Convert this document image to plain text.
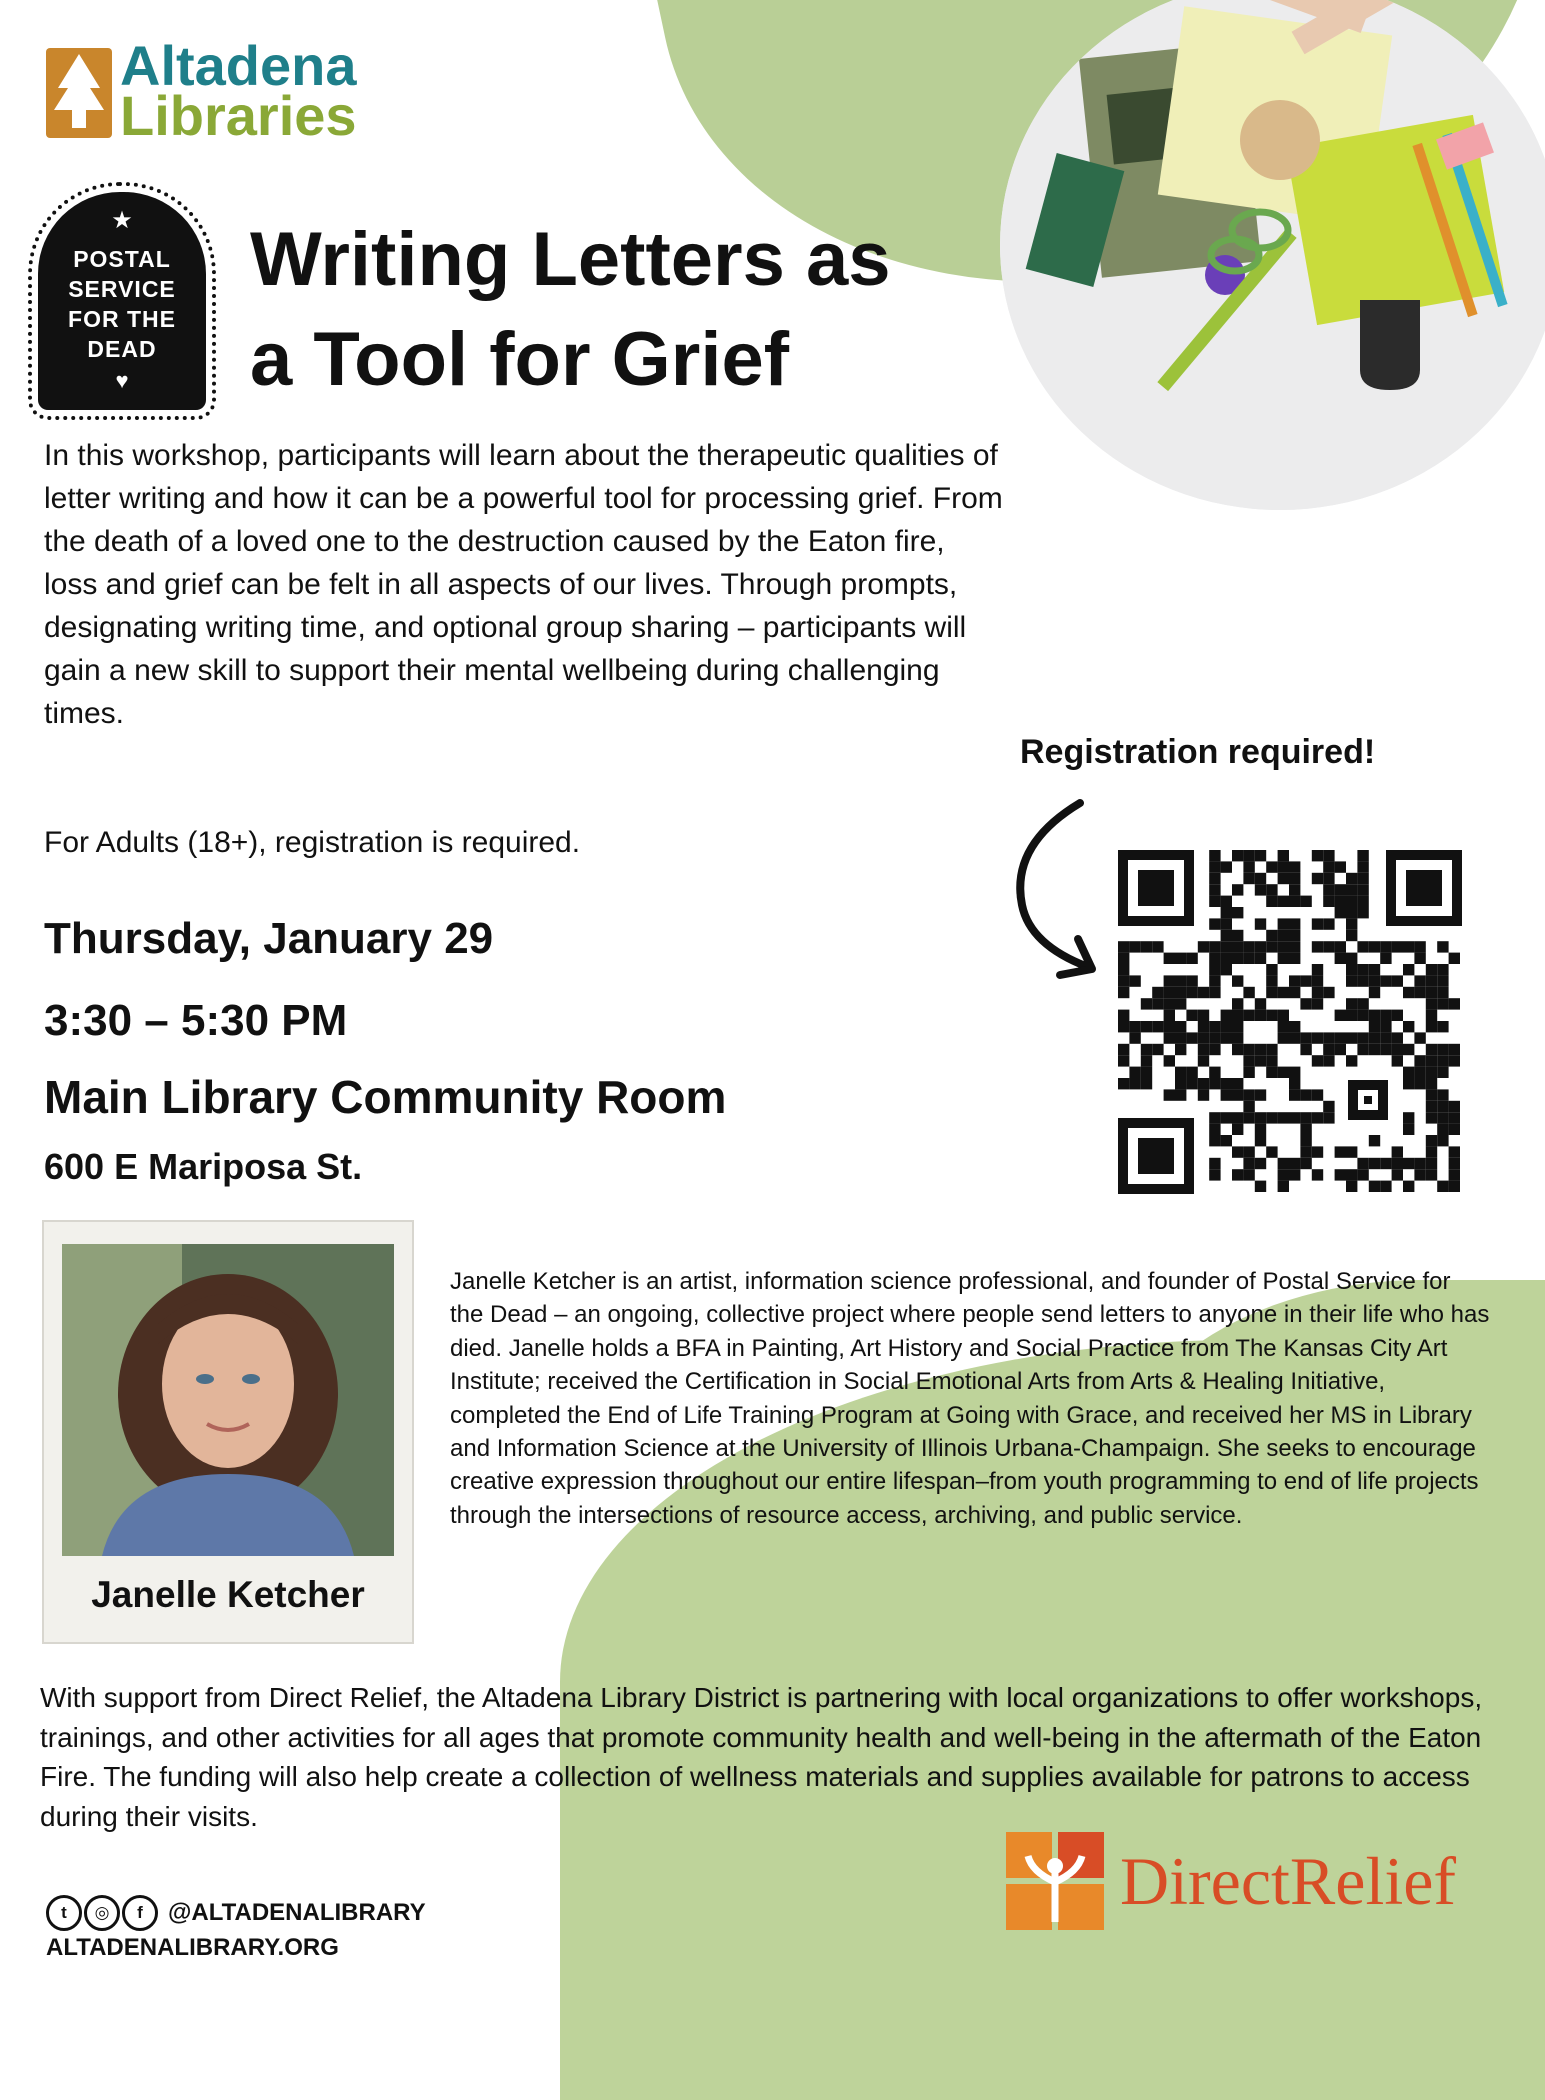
Altadena
Libraries
★
POSTAL
SERVICE
FOR THE
DEAD
♥
Writing Letters as
a Tool for Grief
In this workshop, participants will learn about the therapeutic qualities of letter writing and how it can be a powerful tool for processing grief. From the death of a loved one to the destruction caused by the Eaton fire, loss and grief can be felt in all aspects of our lives. Through prompts, designating writing time, and optional group sharing – participants will gain a new skill to support their mental wellbeing during challenging times.
For Adults (18+), registration is required.
Thursday, January 29
3:30 – 5:30 PM
Main Library Community Room
600 E Mariposa St.
Registration required!
Janelle Ketcher
Janelle Ketcher is an artist, information science professional, and founder of Postal Service for the Dead – an ongoing, collective project where people send letters to anyone in their life who has died. Janelle holds a BFA in Painting, Art History and Social Practice from The Kansas City Art Institute; received the Certification in Social Emotional Arts from Arts & Healing Initiative, completed the End of Life Training Program at Going with Grace, and received her MS in Library and Information Science at the University of Illinois Urbana-Champaign. She seeks to encourage creative expression throughout our entire lifespan–from youth programming to end of life projects through the intersections of resource access, archiving, and public service.
With support from Direct Relief, the Altadena Library District is partnering with local organizations to offer workshops, trainings, and other activities for all ages that promote community health and well-being in the aftermath of the Eaton Fire. The funding will also help create a collection of wellness materials and supplies available for patrons to access during their visits.
t ◎ f @ALTADENALIBRARY
ALTADENALIBRARY.ORG
DirectRelief
